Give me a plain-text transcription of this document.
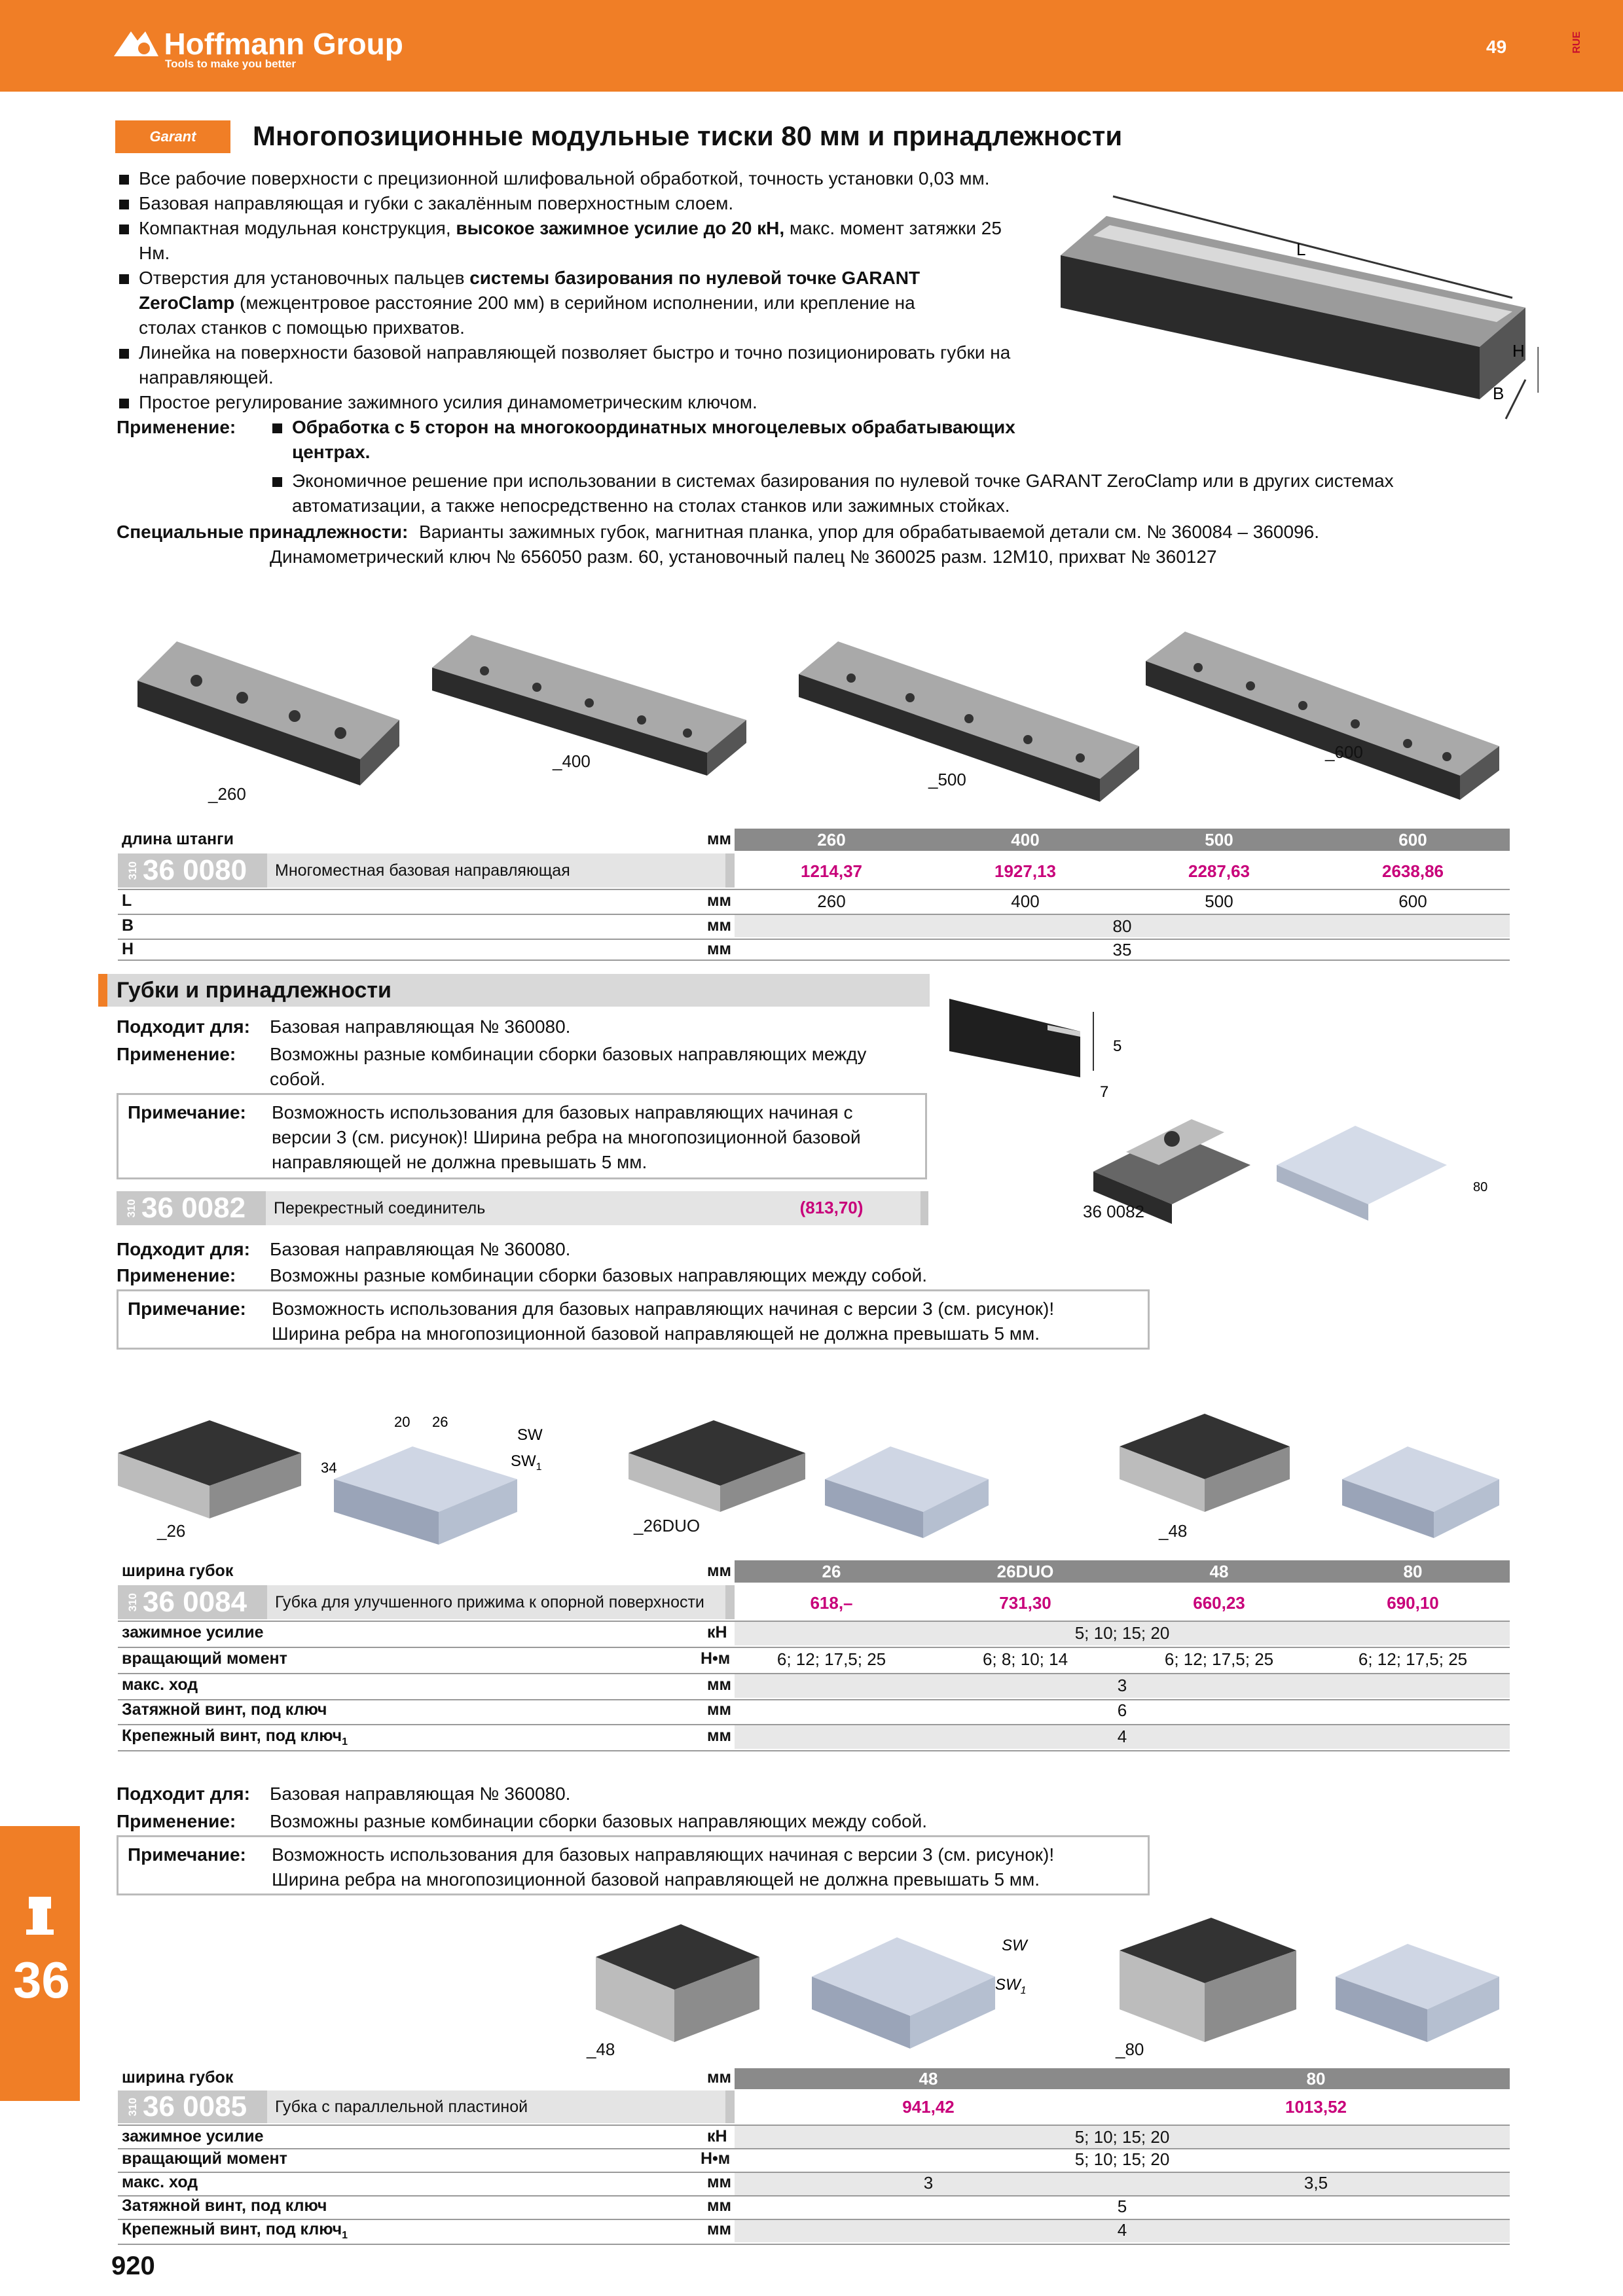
Hoffmann Group
Tools to make you better
49	RUE
Garant	Многопозиционные модульные тиски 80 мм и принадлежности
Все рабочие поверхности с прецизионной шлифовальной обработкой, точность установки 0,03 мм.
Базовая направляющая и губки с закалённым поверхностным слоем.
Компактная модульная конструкция, высокое зажимное усилие до 20 кН, макс. момент затяжки 25 Нм.
Отверстия для установочных пальцев системы базирования по нулевой точке GARANT ZeroClamp (межцентровое расстояние 200 мм) в серийном исполнении, или крепление на столах станков с помощью прихватов.
Линейка на поверхности базовой направляющей позволяет быстро и точно позиционировать губки на направляющей.
Простое регулирование зажимного усилия динамометрическим ключом.
Применение:	Обработка с 5 сторон на многокоординатных многоцелевых обрабатывающих центрах.
Экономичное решение при использовании в системах базирования по нулевой точке GARANT ZeroClamp или в других системах автоматизации, а также непосредственно на столах станков или зажимных стойках.
Специальные принадлежности: Варианты зажимных губок, магнитная планка, упор для обрабатываемой детали см. № 360084 – 360096.
Динамометрический ключ № 656050 разм. 60, установочный палец № 360025 разм. 12M10, прихват № 360127
L
H
B
_260
_400
_500
_600
длина штанги	мм	260	400	500	600
310 36 0080	Многоместная базовая направляющая	1214,37	1927,13	2287,63	2638,86
L	мм	260	400	500	600
B	мм	80
H	мм	35
Губки и принадлежности
Подходит для: Базовая направляющая № 360080.
Применение: Возможны разные комбинации сборки базовых направляющих между собой.
Примечание: Возможность использования для базовых направляющих начиная с версии 3 (см. рисунок)! Ширина ребра на многопозиционной базовой направляющей не должна превышать 5 мм.
310 36 0082	Перекрестный соединитель	(813,70)
5
7
80
36 0082
Подходит для: Базовая направляющая № 360080.
Применение: Возможны разные комбинации сборки базовых направляющих между собой.
Примечание: Возможность использования для базовых направляющих начиная с версии 3 (см. рисунок)!
Ширина ребра на многопозиционной базовой направляющей не должна превышать 5 мм.
_26
20 26
34
SW
$SW_1$
_26DUO	_48
ширина губок	мм	26	26DUO	48	80
310 36 0084	Губка для улучшенного прижима к опорной поверхности	618,–	731,30	660,23	690,10
зажимное усилие	кН	5; 10; 15; 20
вращающий момент	Н•м	6; 12; 17,5; 25	6; 8; 10; 14	6; 12; 17,5; 25	6; 12; 17,5; 25
макс. ход	мм	3
Затяжной винт, под ключ	мм	6
Крепежный винт, под ключ$_1$	мм	4
Подходит для: Базовая направляющая № 360080.
Применение: Возможны разные комбинации сборки базовых направляющих между собой.
Примечание: Возможность использования для базовых направляющих начиная с версии 3 (см. рисунок)!
Ширина ребра на многопозиционной базовой направляющей не должна превышать 5 мм.
_48
SW
$SW_1$
_80
ширина губок	мм	48	80
310 36 0085	Губка с параллельной пластиной	941,42	1013,52
зажимное усилие	кН	5; 10; 15; 20
вращающий момент	Н•м	5; 10; 15; 20
макс. ход	мм	3	3,5
Затяжной винт, под ключ	мм	5
Крепежный винт, под ключ$_1$	мм	4
36
920
